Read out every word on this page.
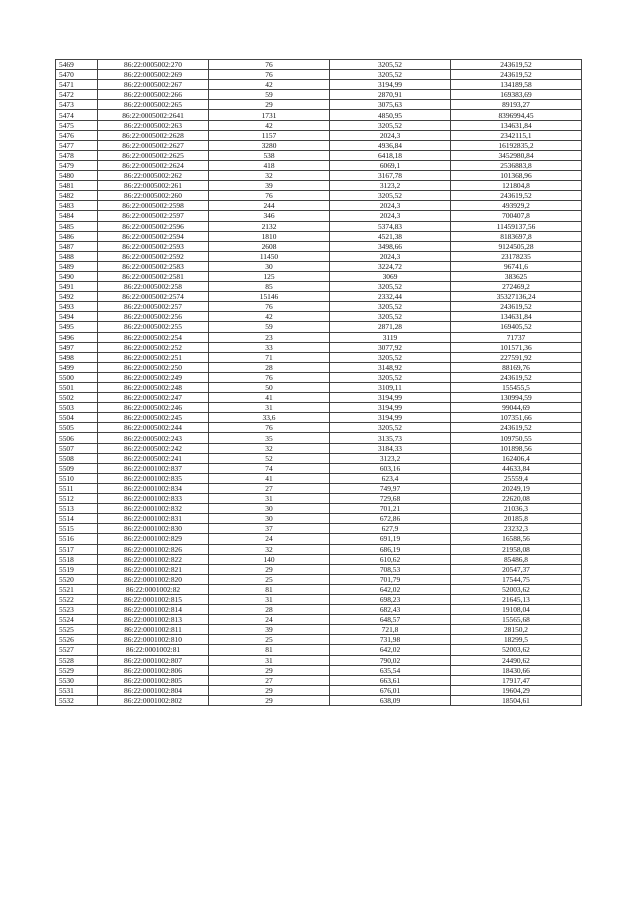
5469	86:22:0005002:270	76	3205,52	243619,52
5470	86:22:0005002:269	76	3205,52	243619,52
5471	86:22:0005002:267	42	3194,99	134189,58
5472	86:22:0005002:266	59	2870,91	169383,69
5473	86:22:0005002:265	29	3075,63	89193,27
5474	86:22:0005002:2641	1731	4850,95	8396994,45
5475	86:22:0005002:263	42	3205,52	134631,84
5476	86:22:0005002:2628	1157	2024,3	2342115,1
5477	86:22:0005002:2627	3280	4936,84	16192835,2
5478	86:22:0005002:2625	538	6418,18	3452980,84
5479	86:22:0005002:2624	418	6069,1	2536883,8
5480	86:22:0005002:262	32	3167,78	101368,96
5481	86:22:0005002:261	39	3123,2	121804,8
5482	86:22:0005002:260	76	3205,52	243619,52
5483	86:22:0005002:2598	244	2024,3	493929,2
5484	86:22:0005002:2597	346	2024,3	700407,8
5485	86:22:0005002:2596	2132	5374,83	11459137,56
5486	86:22:0005002:2594	1810	4521,38	8183697,8
5487	86:22:0005002:2593	2608	3498,66	9124505,28
5488	86:22:0005002:2592	11450	2024,3	23178235
5489	86:22:0005002:2583	30	3224,72	96741,6
5490	86:22:0005002:2581	125	3069	383625
5491	86:22:0005002:258	85	3205,52	272469,2
5492	86:22:0005002:2574	15146	2332,44	35327136,24
5493	86:22:0005002:257	76	3205,52	243619,52
5494	86:22:0005002:256	42	3205,52	134631,84
5495	86:22:0005002:255	59	2871,28	169405,52
5496	86:22:0005002:254	23	3119	71737
5497	86:22:0005002:252	33	3077,92	101571,36
5498	86:22:0005002:251	71	3205,52	227591,92
5499	86:22:0005002:250	28	3148,92	88169,76
5500	86:22:0005002:249	76	3205,52	243619,52
5501	86:22:0005002:248	50	3109,11	155455,5
5502	86:22:0005002:247	41	3194,99	130994,59
5503	86:22:0005002:246	31	3194,99	99044,69
5504	86:22:0005002:245	33,6	3194,99	107351,66
5505	86:22:0005002:244	76	3205,52	243619,52
5506	86:22:0005002:243	35	3135,73	109750,55
5507	86:22:0005002:242	32	3184,33	101898,56
5508	86:22:0005002:241	52	3123,2	162406,4
5509	86:22:0001002:837	74	603,16	44633,84
5510	86:22:0001002:835	41	623,4	25559,4
5511	86:22:0001002:834	27	749,97	20249,19
5512	86:22:0001002:833	31	729,68	22620,08
5513	86:22:0001002:832	30	701,21	21036,3
5514	86:22:0001002:831	30	672,86	20185,8
5515	86:22:0001002:830	37	627,9	23232,3
5516	86:22:0001002:829	24	691,19	16588,56
5517	86:22:0001002:826	32	686,19	21958,08
5518	86:22:0001002:822	140	610,62	85486,8
5519	86:22:0001002:821	29	708,53	20547,37
5520	86:22:0001002:820	25	701,79	17544,75
5521	86:22:0001002:82	81	642,02	52003,62
5522	86:22:0001002:815	31	698,23	21645,13
5523	86:22:0001002:814	28	682,43	19108,04
5524	86:22:0001002:813	24	648,57	15565,68
5525	86:22:0001002:811	39	721,8	28150,2
5526	86:22:0001002:810	25	731,98	18299,5
5527	86:22:0001002:81	81	642,02	52003,62
5528	86:22:0001002:807	31	790,02	24490,62
5529	86:22:0001002:806	29	635,54	18430,66
5530	86:22:0001002:805	27	663,61	17917,47
5531	86:22:0001002:804	29	676,01	19604,29
5532	86:22:0001002:802	29	638,09	18504,61
